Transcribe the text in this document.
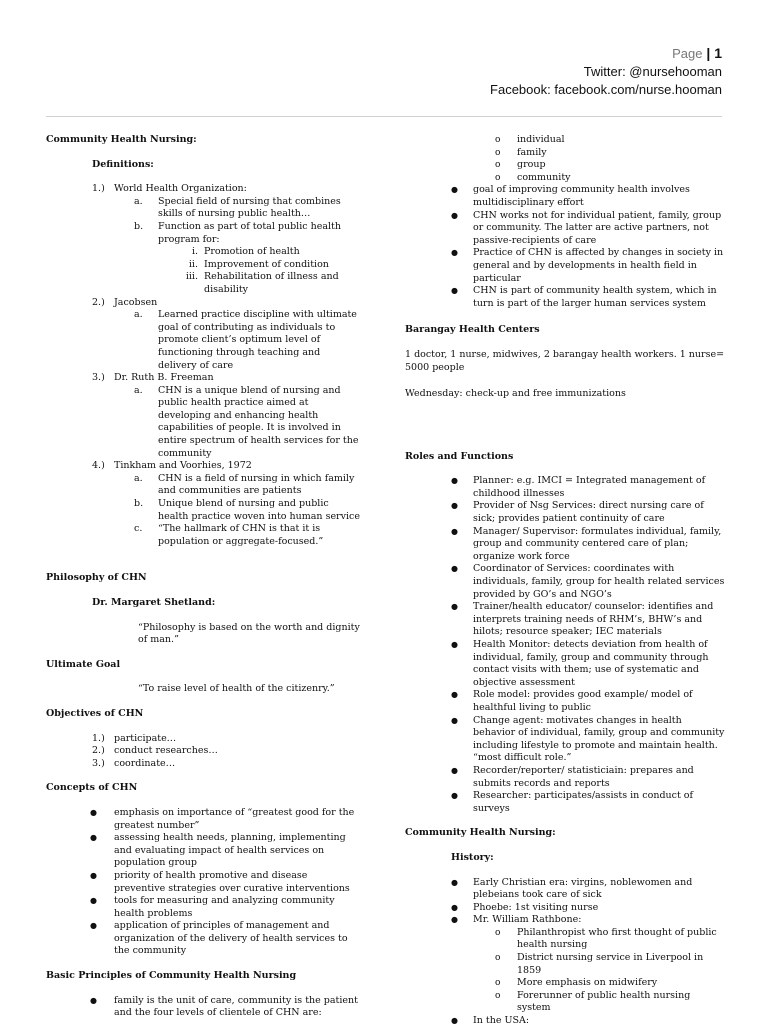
Page | 1
Twitter: @nursehooman
Facebook: facebook.com/nurse.hooman
Community Health Nursing:
Definitions:
1.) World Health Organization:
a. Special field of nursing that combines skills of nursing public health…
b. Function as part of total public health program for:
i. Promotion of health
ii. Improvement of condition
iii. Rehabilitation of illness and disability
2.) Jacobsen
a. Learned practice discipline with ultimate goal of contributing as individuals to promote client’s optimum level of functioning through teaching and delivery of care
3.) Dr. Ruth B. Freeman
a. CHN is a unique blend of nursing and public health practice aimed at developing and enhancing health capabilities of people. It is involved in entire spectrum of health services for the community
4.) Tinkham and Voorhies, 1972
a. CHN is a field of nursing in which family and communities are patients
b. Unique blend of nursing and public health practice woven into human service
c. “The hallmark of CHN is that it is population or aggregate-focused.”
Philosophy of CHN
Dr. Margaret Shetland:
“Philosophy is based on the worth and dignity of man.”
Ultimate Goal
“To raise level of health of the citizenry.”
Objectives of CHN
1.) participate…
2.) conduct researches…
3.) coordinate…
Concepts of CHN
● emphasis on importance of “greatest good for the greatest number”
● assessing health needs, planning, implementing and evaluating impact of health services on population group
● priority of health promotive and disease preventive strategies over curative interventions
● tools for measuring and analyzing community health problems
● application of principles of management and organization of the delivery of health services to the community
Basic Principles of Community Health Nursing
● family is the unit of care, community is the patient and the four levels of clientele of CHN are:
o individual
o family
o group
o community
● goal of improving community health involves multidisciplinary effort
● CHN works not for individual patient, family, group or community. The latter are active partners, not passive-recipients of care
● Practice of CHN is affected by changes in society in general and by developments in health field in particular
● CHN is part of community health system, which in turn is part of the larger human services system
Barangay Health Centers
1 doctor, 1 nurse, midwives, 2 barangay health workers. 1 nurse= 5000 people
Wednesday: check-up and free immunizations
Roles and Functions
● Planner: e.g. IMCI = Integrated management of childhood illnesses
● Provider of Nsg Services: direct nursing care of sick; provides patient continuity of care
● Manager/ Supervisor: formulates individual, family, group and community centered care of plan; organize work force
● Coordinator of Services: coordinates with individuals, family, group for health related services provided by GO’s and NGO’s
● Trainer/health educator/ counselor: identifies and interprets training needs of RHM’s, BHW’s and hilots; resource speaker; IEC materials
● Health Monitor: detects deviation from health of individual, family, group and community through contact visits with them; use of systematic and objective assessment
● Role model: provides good example/ model of healthful living to public
● Change agent: motivates changes in health behavior of individual, family, group and community including lifestyle to promote and maintain health. “most difficult role.”
● Recorder/reporter/ statisticiain: prepares and submits records and reports
● Researcher: participates/assists in conduct of surveys
Community Health Nursing:
History:
● Early Christian era: virgins, noblewomen and plebeians took care of sick
● Phoebe: 1st visiting nurse
● Mr. William Rathbone:
o Philanthropist who first thought of public health nursing
o District nursing service in Liverpool in 1859
o More emphasis on midwifery
o Forerunner of public health nursing system
● In the USA:
